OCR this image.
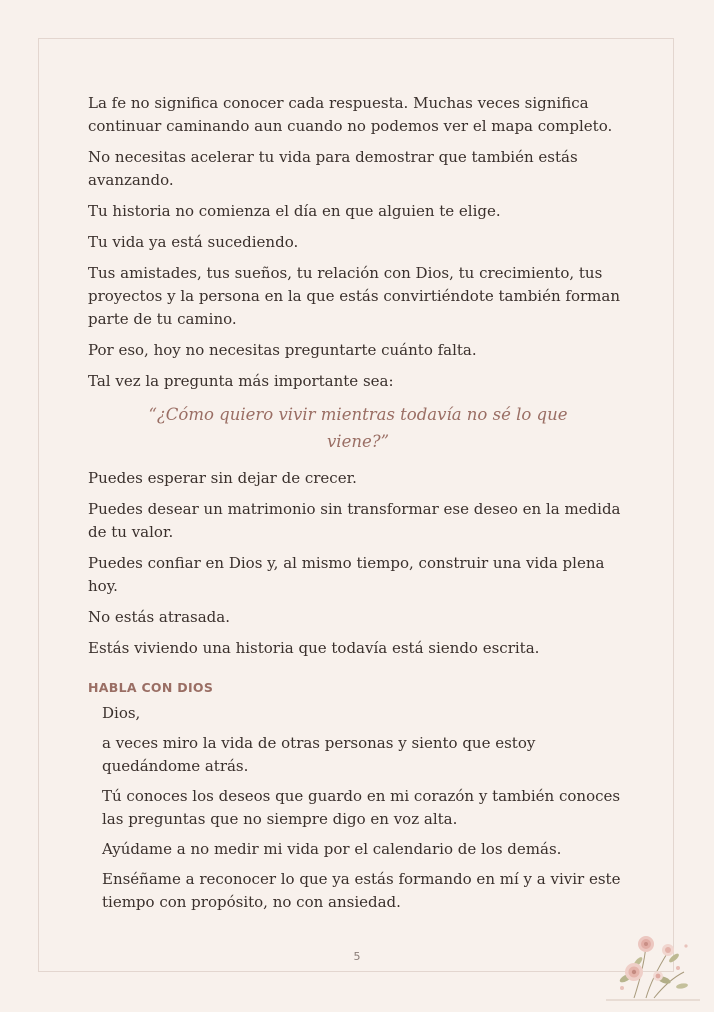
La fe no significa conocer cada respuesta. Muchas veces significa continuar caminando aun cuando no podemos ver el mapa completo.

No necesitas acelerar tu vida para demostrar que también estás avanzando.

Tu historia no comienza el día en que alguien te elige.

Tu vida ya está sucediendo.

Tus amistades, tus sueños, tu relación con Dios, tu crecimiento, tus proyectos y la persona en la que estás convirtiéndote también forman parte de tu camino.

Por eso, hoy no necesitas preguntarte cuánto falta.

Tal vez la pregunta más importante sea:

“¿Cómo quiero vivir mientras todavía no sé lo que viene?”

Puedes esperar sin dejar de crecer.

Puedes desear un matrimonio sin transformar ese deseo en la medida de tu valor.

Puedes confiar en Dios y, al mismo tiempo, construir una vida plena hoy.

No estás atrasada.

Estás viviendo una historia que todavía está siendo escrita.

HABLA CON DIOS

Dios,

a veces miro la vida de otras personas y siento que estoy quedándome atrás.

Tú conoces los deseos que guardo en mi corazón y también conoces las preguntas que no siempre digo en voz alta.

Ayúdame a no medir mi vida por el calendario de los demás.

Enséñame a reconocer lo que ya estás formando en mí y a vivir este tiempo con propósito, no con ansiedad.

5
